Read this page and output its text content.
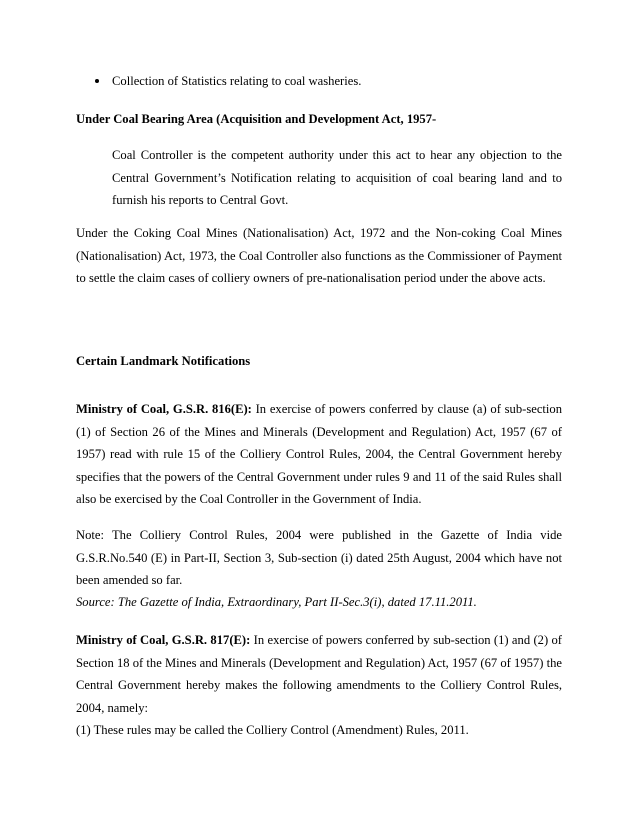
Collection of Statistics relating to coal washeries.

Under Coal Bearing Area (Acquisition and Development Act, 1957-

Coal Controller is the competent authority under this act to hear any objection to the Central Government’s Notification relating to acquisition of coal bearing land and to furnish his reports to Central Govt.

Under the Coking Coal Mines (Nationalisation) Act, 1972 and the Non-coking Coal Mines (Nationalisation) Act, 1973, the Coal Controller also functions as the Commissioner of Payment to settle the claim cases of colliery owners of pre-nationalisation period under the above acts.

Certain Landmark Notifications

Ministry of Coal, G.S.R. 816(E): In exercise of powers conferred by clause (a) of sub-section (1) of Section 26 of the Mines and Minerals (Development and Regulation) Act, 1957 (67 of 1957) read with rule 15 of the Colliery Control Rules, 2004, the Central Government hereby specifies that the powers of the Central Government under rules 9 and 11 of the said Rules shall also be exercised by the Coal Controller in the Government of India.

Note: The Colliery Control Rules, 2004 were published in the Gazette of India vide G.S.R.No.540 (E) in Part-II, Section 3, Sub-section (i) dated 25th August, 2004 which have not been amended so far.

Source: The Gazette of India, Extraordinary, Part II-Sec.3(i), dated 17.11.2011.

Ministry of Coal, G.S.R. 817(E): In exercise of powers conferred by sub-section (1) and (2) of Section 18 of the Mines and Minerals (Development and Regulation) Act, 1957 (67 of 1957) the Central Government hereby makes the following amendments to the Colliery Control Rules, 2004, namely:

(1) These rules may be called the Colliery Control (Amendment) Rules, 2011.
